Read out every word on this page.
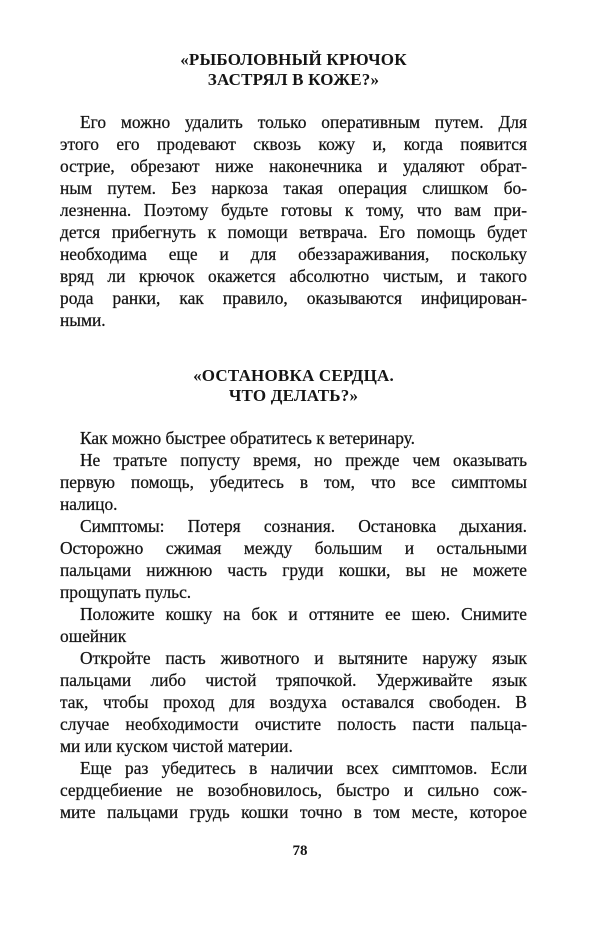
«РЫБОЛОВНЫЙ КРЮЧОК
ЗАСТРЯЛ В КОЖЕ?»
Его можно удалить только оперативным путем. Для
этого его продевают сквозь кожу и, когда появится
острие, обрезают ниже наконечника и удаляют обрат-
ным путем. Без наркоза такая операция слишком бо-
лезненна. Поэтому будьте готовы к тому, что вам при-
дется прибегнуть к помощи ветврача. Его помощь будет
необходима еще и для обеззараживания, поскольку
вряд ли крючок окажется абсолютно чистым, и такого
рода ранки, как правило, оказываются инфицирован-
ными.
«ОСТАНОВКА СЕРДЦА.
ЧТО ДЕЛАТЬ?»
Как можно быстрее обратитесь к ветеринару.
Не тратьте попусту время, но прежде чем оказывать
первую помощь, убедитесь в том, что все симптомы
налицо.
Симптомы: Потеря сознания. Остановка дыхания.
Осторожно сжимая между большим и остальными
пальцами нижнюю часть груди кошки, вы не можете
прощупать пульс.
Положите кошку на бок и оттяните ее шею. Снимите
ошейник
Откройте пасть животного и вытяните наружу язык
пальцами либо чистой тряпочкой. Удерживайте язык
так, чтобы проход для воздуха оставался свободен. В
случае необходимости очистите полость пасти пальца-
ми или куском чистой материи.
Еще раз убедитесь в наличии всех симптомов. Если
сердцебиение не возобновилось, быстро и сильно сож-
мите пальцами грудь кошки точно в том месте, которое
78
